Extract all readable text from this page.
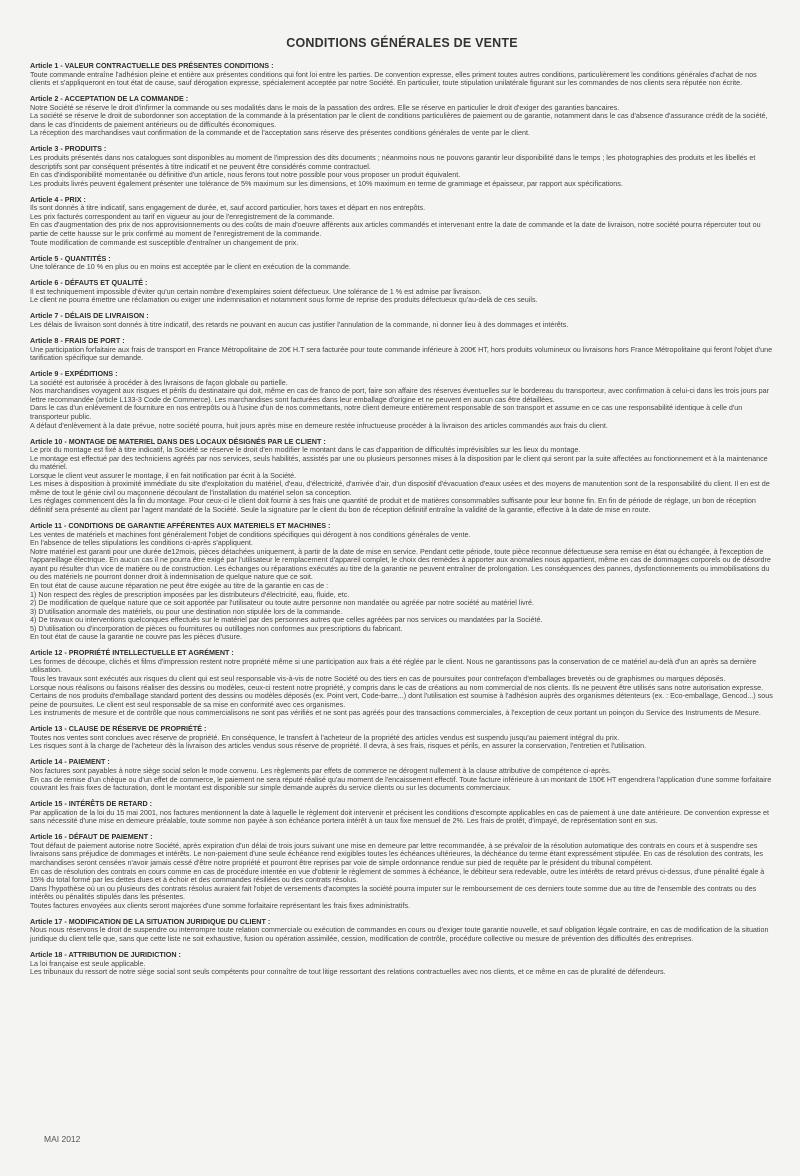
CONDITIONS GÉNÉRALES DE VENTE
Article 1 - VALEUR CONTRACTUELLE DES PRÉSENTES CONDITIONS :
Toute commande entraîne l'adhésion pleine et entière aux présentes conditions qui font loi entre les parties. De convention expresse, elles priment toutes autres conditions, particulièrement les conditions générales d'achat de nos clients et s'appliqueront en tout état de cause, sauf dérogation expresse, spécialement acceptée par notre Société. En particulier, toute stipulation unilatérale figurant sur les commandes de nos clients sera réputée non écrite.
Article 2 - ACCEPTATION DE LA COMMANDE :
Notre Société se réserve le droit d'infirmer la commande ou ses modalités dans le mois de la passation des ordres. Elle se réserve en particulier le droit d'exiger des garanties bancaires.
La société se réserve le droit de subordonner son acceptation de la commande à la présentation par le client de conditions particulières de paiement ou de garantie, notamment dans le cas d'absence d'assurance crédit de la société, dans le cas d'incidents de paiement antérieurs ou de difficultés économiques.
La réception des marchandises vaut confirmation de la commande et de l'acceptation sans réserve des présentes conditions générales de vente par le client.
Article 3 - PRODUITS :
Les produits présentés dans nos catalogues sont disponibles au moment de l'impression des dits documents ; néanmoins nous ne pouvons garantir leur disponibilité dans le temps ; les photographies des produits et les libellés et descriptifs sont par conséquent présentés à titre indicatif et ne peuvent être considérés comme contractuel.
En cas d'indisponibilité momentanée ou définitive d'un article, nous ferons tout notre possible pour vous proposer un produit équivalent.
Les produits livrés peuvent également présenter une tolérance de 5% maximum sur les dimensions, et 10% maximum en terme de grammage et épaisseur, par rapport aux spécifications.
Article 4 - PRIX :
Ils sont donnés à titre indicatif, sans engagement de durée, et, sauf accord particulier, hors taxes et départ en nos entrepôts.
Les prix facturés correspondent au tarif en vigueur au jour de l'enregistrement de la commande.
En cas d'augmentation des prix de nos approvisionnements ou des coûts de main d'oeuvre afférents aux articles commandés et intervenant entre la date de commande et la date de livraison, notre société pourra répercuter tout ou partie de cette hausse sur le prix confirmé au moment de l'enregistrement de la commande.
Toute modification de commande est susceptible d'entraîner un changement de prix.
Article 5 - QUANTITÉS :
Une tolérance de 10 % en plus ou en moins est acceptée par le client en exécution de la commande.
Article 6 - DÉFAUTS ET QUALITÉ :
Il est techniquement impossible d'éviter qu'un certain nombre d'exemplaires soient défectueux. Une tolérance de 1 % est admise par livraison.
Le client ne pourra émettre une réclamation ou exiger une indemnisation et notamment sous forme de reprise des produits défectueux qu'au-delà de ces seuils.
Article 7 - DÉLAIS DE LIVRAISON :
Les délais de livraison sont donnés à titre indicatif, des retards ne pouvant en aucun cas justifier l'annulation de la commande, ni donner lieu à des dommages et intérêts.
Article 8 - FRAIS DE PORT :
Une participation forfaitaire aux frais de transport en France Métropolitaine de 20€ H.T sera facturée pour toute commande inférieure à 200€ HT, hors produits volumineux ou livraisons hors France Métropolitaine qui feront l'objet d'une tarification spécifique sur demande.
Article 9 - EXPÉDITIONS :
La société est autorisée à procéder à des livraisons de façon globale ou partielle.
Nos marchandises voyagent aux risques et périls du destinataire qui doit, même en cas de franco de port, faire son affaire des réserves éventuelles sur le bordereau du transporteur, avec confirmation à celui-ci dans les trois jours par lettre recommandée (article L133-3 Code de Commerce). Les marchandises sont facturées dans leur emballage d'origine et ne peuvent en aucun cas être détaillées.
Dans le cas d'un enlèvement de fourniture en nos entrepôts ou à l'usine d'un de nos commettants, notre client demeure entièrement responsable de son transport et assume en ce cas une responsabilité identique à celle d'un transporteur public.
A défaut d'enlèvement à la date prévue, notre société pourra, huit jours après mise en demeure restée infructueuse procéder à la livraison des articles commandés aux frais du client.
Article 10 - MONTAGE DE MATERIEL DANS DES LOCAUX DÉSIGNÉS PAR LE CLIENT :
Le prix du montage est fixé à titre indicatif, la Société se réserve le droit d'en modifier le montant dans le cas d'apparition de difficultés imprévisibles sur les lieux du montage.
Le montage est effectué par des techniciens agréés par nos services, seuls habilités, assistés par une ou plusieurs personnes mises à la disposition par le client qui seront par la suite affectées au fonctionnement et à la maintenance du matériel.
Lorsque le client veut assurer le montage, il en fait notification par écrit à la Société.
Les mises à disposition à proximité immédiate du site d'exploitation du matériel, d'eau, d'électricité, d'arrivée d'air, d'un dispositif d'évacuation d'eaux usées et des moyens de manutention sont de la responsabilité du client. Il en est de même de tout le génie civil ou maçonnerie découlant de l'installation du matériel selon sa conception.
Les réglages commencent dès la fin du montage. Pour ceux-ci le client doit fournir à ses frais une quantité de produit et de matières consommables suffisante pour leur bonne fin. En fin de période de réglage, un bon de réception définitif sera présenté au client par l'agent mandaté de la Société. Seule la signature par le client du bon de réception définitif entraîne la validité de la garantie, effective à la date de mise en route.
Article 11 - CONDITIONS DE GARANTIE AFFÉRENTES AUX MATERIELS ET MACHINES :
Les ventes de matériels et machines font généralement l'objet de conditions spécifiques qui dérogent à nos conditions générales de vente.
En l'absence de telles stipulations les conditions ci-après s'appliquent.
Notre matériel est garanti pour une durée de12mois, pièces détachées uniquement, à partir de la date de mise en service. Pendant cette période, toute pièce reconnue défectueuse sera remise en état ou échangée, à l'exception de l'appareillage électrique. En aucun cas il ne pourra être exigé par l'utilisateur le remplacement d'appareil complet, le choix des remèdes à apporter aux anomalies nous appartient, même en cas de dommages corporels ou de désordre ayant pu résulter d'un vice de matière ou de construction. Les échanges ou réparations exécutés au titre de la garantie ne peuvent entraîner de prolongation. Les conséquences des pannes, dysfonctionnements ou immobilisations du ou des matériels ne pourront donner droit à indemnisation de quelque nature que ce soit.
En tout état de cause aucune réparation ne peut être exigée au titre de la garantie en cas de :
1) Non respect des règles de prescription imposées par les distributeurs d'électricité, eau, fluide, etc.
2) De modification de quelque nature que ce soit apportée par l'utilisateur ou toute autre personne non mandatée ou agréée par notre société au matériel livré.
3) D'utilisation anormale des matériels, ou pour une destination non stipulée lors de la commande.
4) De travaux ou interventions quelconques effectués sur le matériel par des personnes autres que celles agréées par nos services ou mandatées par la Société.
5) D'utilisation ou d'incorporation de pièces ou fournitures ou outillages non conformes aux prescriptions du fabricant.
En tout état de cause la garantie ne couvre pas les pièces d'usure.
Article 12 - PROPRIÉTÉ INTELLECTUELLE ET AGRÉMENT :
Les formes de découpe, clichés et films d'impression restent notre propriété même si une participation aux frais a été réglée par le client. Nous ne garantissons pas la conservation de ce matériel au-delà d'un an après sa dernière utilisation.
Tous les travaux sont exécutés aux risques du client qui est seul responsable vis-à-vis de notre Société ou des tiers en cas de poursuites pour contrefaçon d'emballages brevetés ou de graphismes ou marques déposés.
Lorsque nous réalisons ou faisons réaliser des dessins ou modèles, ceux-ci restent notre propriété, y compris dans le cas de créations au nom commercial de nos clients. Ils ne peuvent être utilisés sans notre autorisation expresse.
Certains de nos produits d'emballage standard portent des dessins ou modèles déposés (ex. Point vert, Code-barre...) dont l'utilisation est soumise à l'adhésion auprès des organismes détenteurs (ex. : Eco-emballage, Gencod...) sous peine de poursuites. Le client est seul responsable de sa mise en conformité avec ces organismes.
Les instruments de mesure et de contrôle que nous commercialisons ne sont pas vérifiés et ne sont pas agréés pour des transactions commerciales, à l'exception de ceux portant un poinçon du Service des Instruments de Mesure.
Article 13 - CLAUSE DE RÉSERVE DE PROPRIÉTÉ :
Toutes nos ventes sont conclues avec réserve de propriété. En conséquence, le transfert à l'acheteur de la propriété des articles vendus est suspendu jusqu'au paiement intégral du prix.
Les risques sont à la charge de l'acheteur dès la livraison des articles vendus sous réserve de propriété. Il devra, à ses frais, risques et périls, en assurer la conservation, l'entretien et l'utilisation.
Article 14 - PAIEMENT :
Nos factures sont payables à notre siège social selon le mode convenu. Les règlements par effets de commerce ne dérogent nullement à la clause attributive de compétence ci-après.
En cas de remise d'un chèque ou d'un effet de commerce, le paiement ne sera réputé réalisé qu'au moment de l'encaissement effectif. Toute facture inférieure à un montant de 150€ HT engendrera l'application d'une somme forfaitaire couvrant les frais fixes de facturation, dont le montant est disponible sur simple demande auprès du service clients ou sur les documents commerciaux.
Article 15 - INTÉRÊTS DE RETARD :
Par application de la loi du 15 mai 2001, nos factures mentionnent la date à laquelle le règlement doit intervenir et précisent les conditions d'escompte applicables en cas de paiement à une date antérieure. De convention expresse et sans nécessité d'une mise en demeure préalable, toute somme non payée à son échéance portera intérêt à un taux fixe mensuel de 2%. Les frais de protêt, d'impayé, de représentation sont en sus.
Article 16 - DÉFAUT DE PAIEMENT :
Tout défaut de paiement autorise notre Société, après expiration d'un délai de trois jours suivant une mise en demeure par lettre recommandée, à se prévaloir de la résolution automatique des contrats en cours et à suspendre ses livraisons sans préjudice de dommages et intérêts. Le non-paiement d'une seule échéance rend exigibles toutes les échéances ultérieures, la déchéance du terme étant expressément stipulée. En cas de résolution des contrats, les marchandises seront censées n'avoir jamais cessé d'être notre propriété et pourront être reprises par voie de simple ordonnance rendue sur pied de requête par le président du tribunal compétent.
En cas de résolution des contrats en cours comme en cas de procédure intentée en vue d'obtenir le règlement de sommes à échéance, le débiteur sera redevable, outre les intérêts de retard prévus ci-dessus, d'une pénalité égale à 15% du total formé par les dettes dues et à échoir et des commandes résiliées ou des contrats résolus.
Dans l'hypothèse où un ou plusieurs des contrats résolus auraient fait l'objet de versements d'acomptes la société pourra imputer sur le remboursement de ces derniers toute somme due au titre de l'ensemble des contrats ou des intérêts ou pénalités stipulés dans les présentes.
Toutes factures envoyées aux clients seront majorées d'une somme forfaitaire représentant les frais fixes administratifs.
Article 17 - MODIFICATION DE LA SITUATION JURIDIQUE DU CLIENT :
Nous nous réservons le droit de suspendre ou interrompre toute relation commerciale ou exécution de commandes en cours ou d'exiger toute garantie nouvelle, et sauf obligation légale contraire, en cas de modification de la situation juridique du client telle que, sans que cette liste ne soit exhaustive, fusion ou opération assimilée, cession, modification de contrôle, procédure collective ou mesure de prévention des difficultés des entreprises.
Article 18 - ATTRIBUTION DE JURIDICTION :
La loi française est seule applicable.
Les tribunaux du ressort de notre siège social sont seuls compétents pour connaître de tout litige ressortant des relations contractuelles avec nos clients, et ce même en cas de pluralité de défendeurs.
MAI 2012
